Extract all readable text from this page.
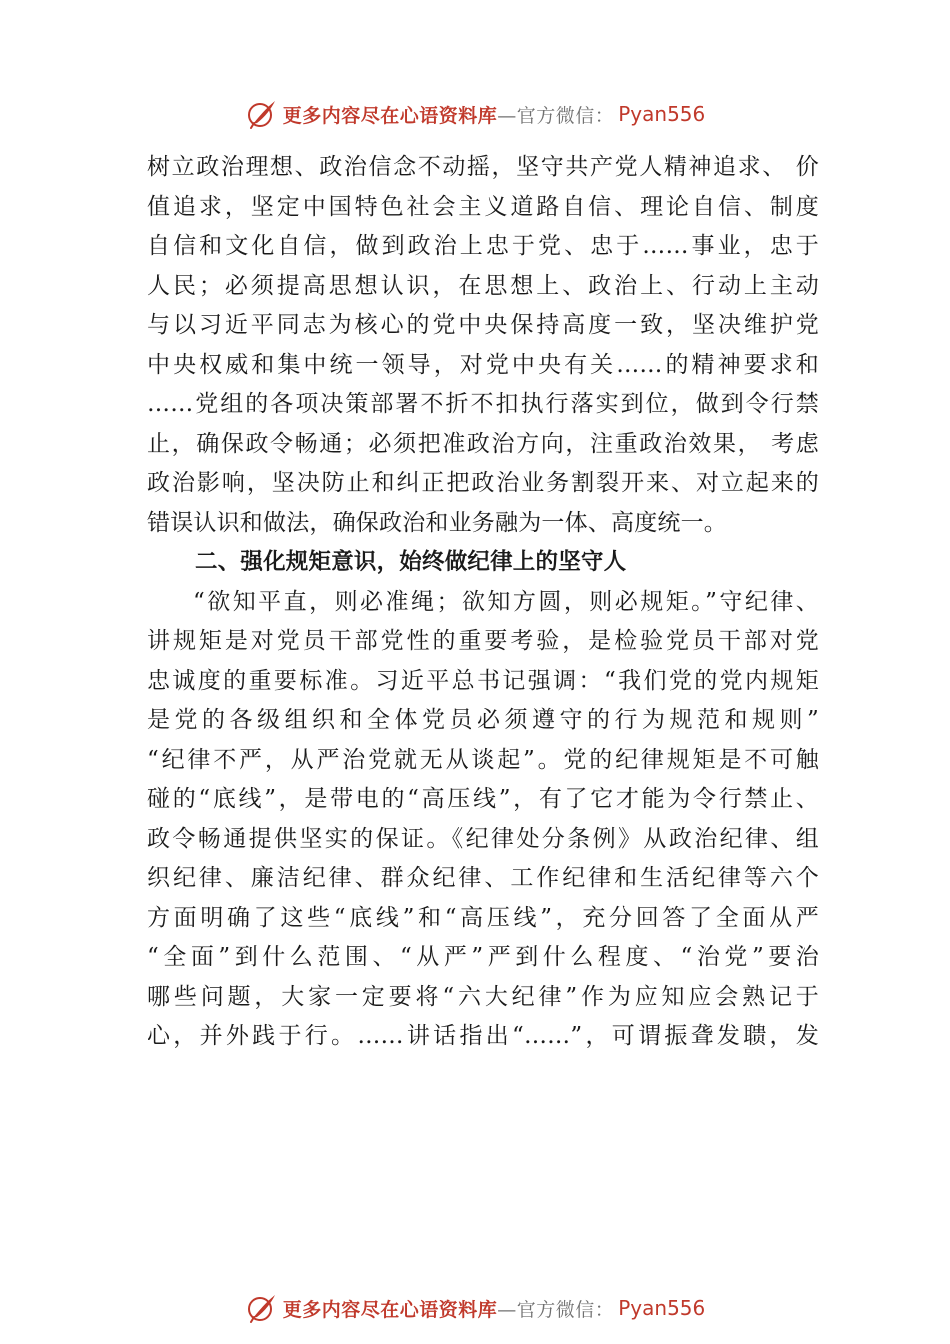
更多内容尽在心语资料库 —官方微信： Pyan556
树立政治理想、政治信念不动摇，坚守共产党人精神追求、 价
值追求，坚定中国特色社会主义道路自信、理论自信、制度
自信和文化自信，做到政治上忠于党、忠于……事业，忠于
人民；必须提高思想认识，在思想上、政治上、行动上主动
与以习近平同志为核心的党中央保持高度一致，坚决维护党
中央权威和集中统一领导，对党中央有关……的精神要求和
……党组的各项决策部署不折不扣执行落实到位，做到令行禁
止，确保政令畅通；必须把准政治方向，注重政治效果， 考虑
政治影响，坚决防止和纠正把政治业务割裂开来、对立起来的
错误认识和做法，确保政治和业务融为一体、高度统一。
二、强化规矩意识，始终做纪律上的坚守人
“欲知平直，则必准绳；欲知方圆，则必规矩。”守纪律、
讲规矩是对党员干部党性的重要考验，是检验党员干部对党
忠诚度的重要标准。习近平总书记强调：“我们党的党内规矩
是党的各级组织和全体党员必须遵守的行为规范和规则”
“纪律不严，从严治党就无从谈起”。党的纪律规矩是不可触
碰的“底线”，是带电的“高压线”，有了它才能为令行禁止、
政令畅通提供坚实的保证。《纪律处分条例》从政治纪律、组
织纪律、廉洁纪律、群众纪律、工作纪律和生活纪律等六个
方面明确了这些“底线”和“高压线”，充分回答了全面从严
“全面”到什么范围、“从严”严到什么程度、“治党”要治
哪些问题，大家一定要将“六大纪律”作为应知应会熟记于
心，并外践于行。……讲话指出“……”，可谓振聋发聩，发
更多内容尽在心语资料库 —官方微信： Pyan556
